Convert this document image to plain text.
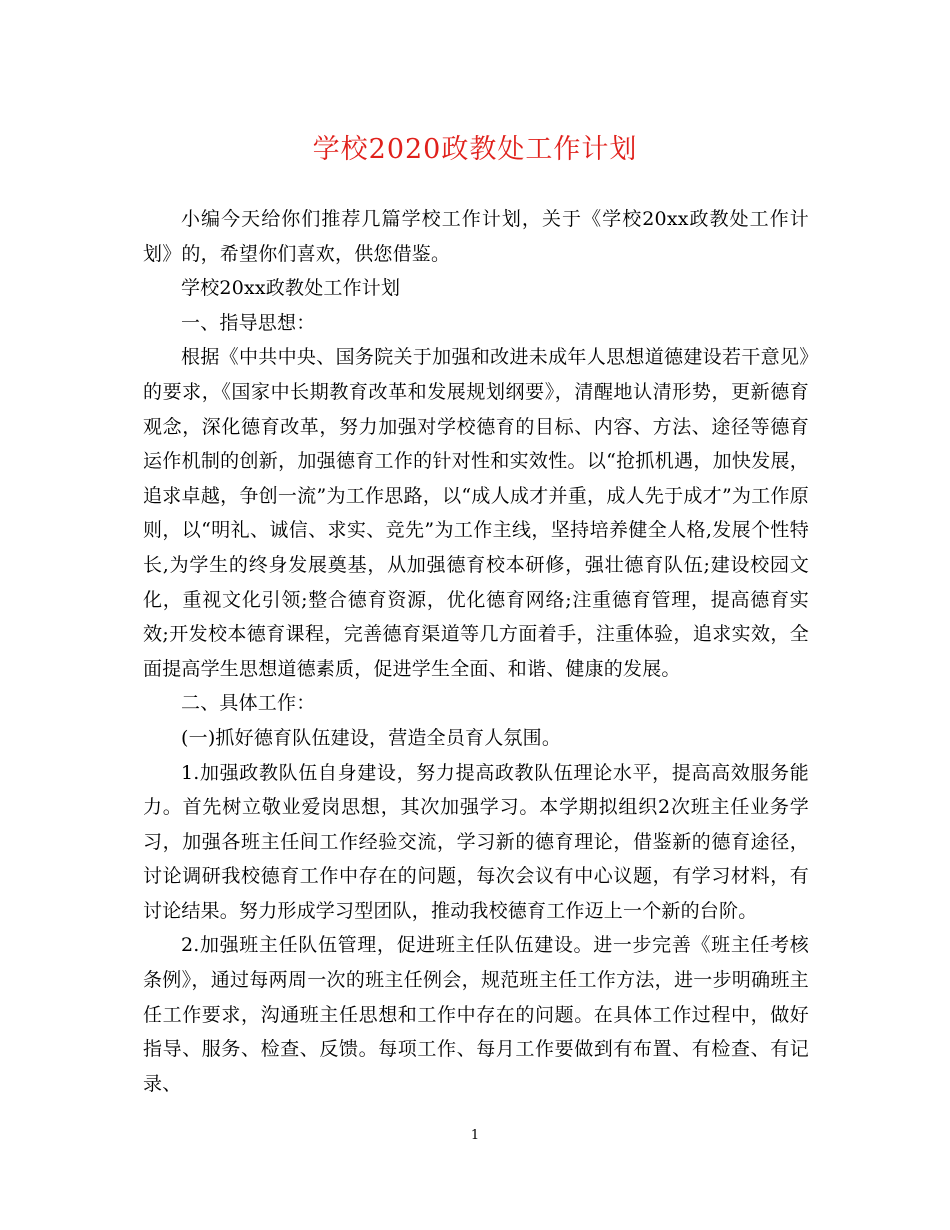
学校2020政教处工作计划

小编今天给你们推荐几篇学校工作计划，关于《学校20xx政教处工作计划》的，希望你们喜欢，供您借鉴。

学校20xx政教处工作计划

一、指导思想：

根据《中共中央、国务院关于加强和改进未成年人思想道德建设若干意见》的要求，《国家中长期教育改革和发展规划纲要》，清醒地认清形势，更新德育观念，深化德育改革，努力加强对学校德育的目标、内容、方法、途径等德育运作机制的创新，加强德育工作的针对性和实效性。以“抢抓机遇，加快发展，追求卓越，争创一流”为工作思路，以“成人成才并重，成人先于成才”为工作原则，以“明礼、诚信、求实、竞先”为工作主线，坚持培养健全人格,发展个性特长,为学生的终身发展奠基，从加强德育校本研修，强壮德育队伍;建设校园文化，重视文化引领;整合德育资源，优化德育网络;注重德育管理，提高德育实效;开发校本德育课程，完善德育渠道等几方面着手，注重体验，追求实效，全面提高学生思想道德素质，促进学生全面、和谐、健康的发展。

二、具体工作：

(一)抓好德育队伍建设，营造全员育人氛围。

1.加强政教队伍自身建设，努力提高政教队伍理论水平，提高高效服务能力。首先树立敬业爱岗思想，其次加强学习。本学期拟组织2次班主任业务学习，加强各班主任间工作经验交流，学习新的德育理论，借鉴新的德育途径，讨论调研我校德育工作中存在的问题，每次会议有中心议题，有学习材料，有讨论结果。努力形成学习型团队，推动我校德育工作迈上一个新的台阶。

2.加强班主任队伍管理，促进班主任队伍建设。进一步完善《班主任考核条例》，通过每两周一次的班主任例会，规范班主任工作方法，进一步明确班主任工作要求，沟通班主任思想和工作中存在的问题。在具体工作过程中，做好指导、服务、检查、反馈。每项工作、每月工作要做到有布置、有检查、有记录、

1
